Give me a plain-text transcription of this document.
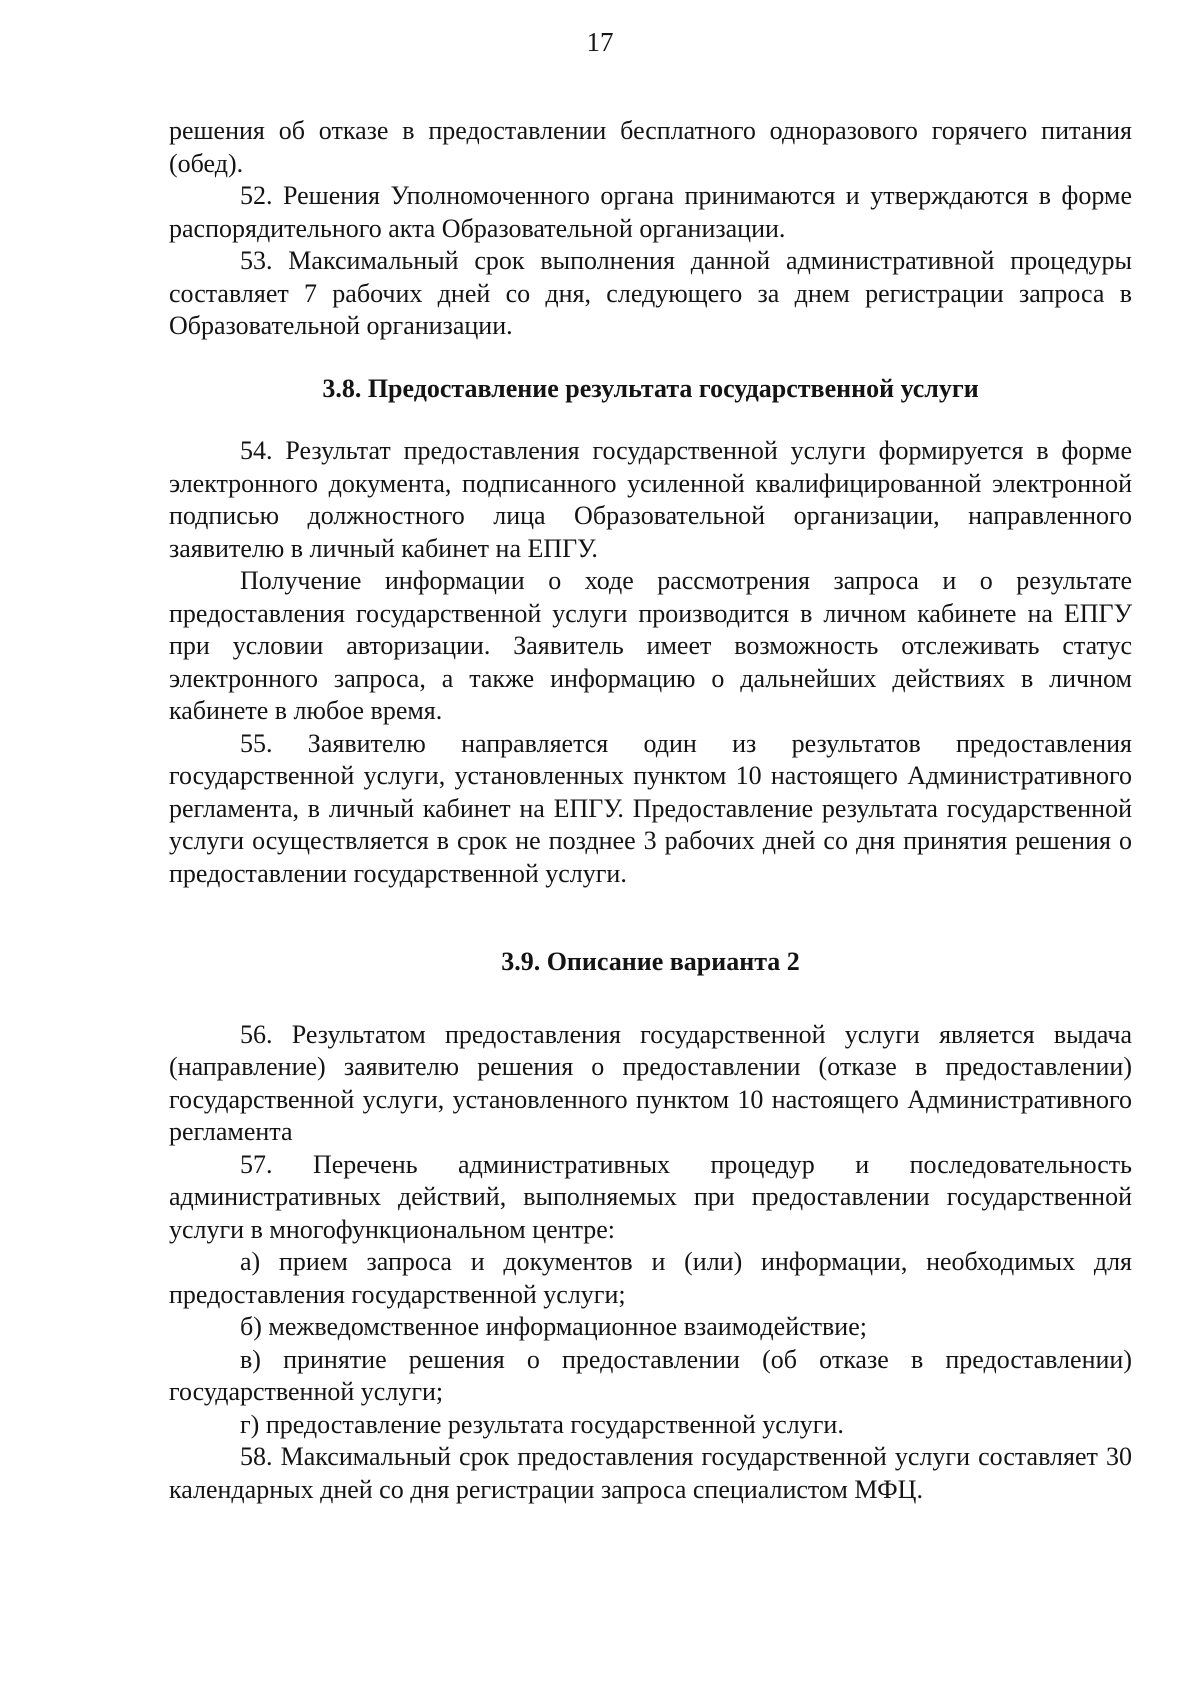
17

решения об отказе в предоставлении бесплатного одноразового горячего питания (обед).

52. Решения Уполномоченного органа принимаются и утверждаются в форме распорядительного акта Образовательной организации.

53. Максимальный срок выполнения данной административной процедуры составляет 7 рабочих дней со дня, следующего за днем регистрации запроса в Образовательной организации.

3.8. Предоставление результата государственной услуги

54. Результат предоставления государственной услуги формируется в форме электронного документа, подписанного усиленной квалифицированной электронной подписью должностного лица Образовательной организации, направленного заявителю в личный кабинет на ЕПГУ.

Получение информации о ходе рассмотрения запроса и о результате предоставления государственной услуги производится в личном кабинете на ЕПГУ при условии авторизации. Заявитель имеет возможность отслеживать статус электронного запроса, а также информацию о дальнейших действиях в личном кабинете в любое время.

55. Заявителю направляется один из результатов предоставления государственной услуги, установленных пунктом 10 настоящего Административного регламента, в личный кабинет на ЕПГУ. Предоставление результата государственной услуги осуществляется в срок не позднее 3 рабочих дней со дня принятия решения о предоставлении государственной услуги.

3.9. Описание варианта 2

56. Результатом предоставления государственной услуги является выдача (направление) заявителю решения о предоставлении (отказе в предоставлении) государственной услуги, установленного пунктом 10 настоящего Административного регламента

57. Перечень административных процедур и последовательность административных действий, выполняемых при предоставлении государственной услуги в многофункциональном центре:

а) прием запроса и документов и (или) информации, необходимых для предоставления государственной услуги;

б) межведомственное информационное взаимодействие;

в) принятие решения о предоставлении (об отказе в предоставлении) государственной услуги;

г) предоставление результата государственной услуги.

58. Максимальный срок предоставления государственной услуги составляет 30 календарных дней со дня регистрации запроса специалистом МФЦ.
